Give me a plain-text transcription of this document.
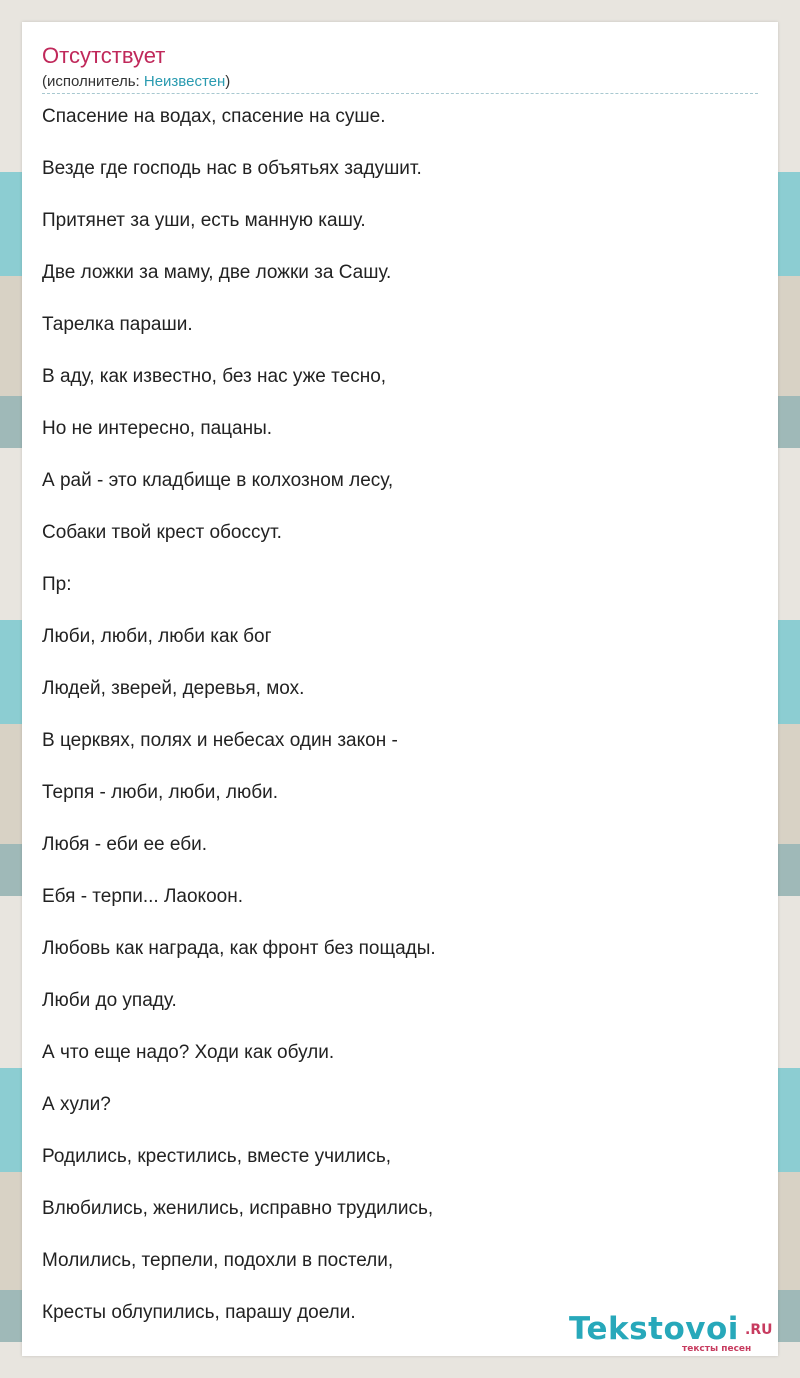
Отсутствует
(исполнитель: Неизвестен)
Спасение на водах, спасение на суше.
Везде где господь нас в объятьях задушит.
Притянет за уши, есть манную кашу.
Две ложки за маму, две ложки за Сашу.
Тарелка параши.
В аду, как известно, без нас уже тесно,
Но не интересно, пацаны.
А рай - это кладбище в колхозном лесу,
Собаки твой крест обоссут.
Пр:
Люби, люби, люби как бог
Людей, зверей, деревья, мох.
В церквях, полях и небесах один закон -
Терпя - люби, люби, люби.
Любя - еби ее еби.
Ебя - терпи... Лаокоон.
Любовь как награда, как фронт без пощады.
Люби до упаду.
А что еще надо? Ходи как обули.
А хули?
Родились, крестились, вместе учились,
Влюбились, женились, исправно трудились,
Молились, терпели, подохли в постели,
Кресты облупились, парашу доели.	Tekstovoi .RU
тексты песен
